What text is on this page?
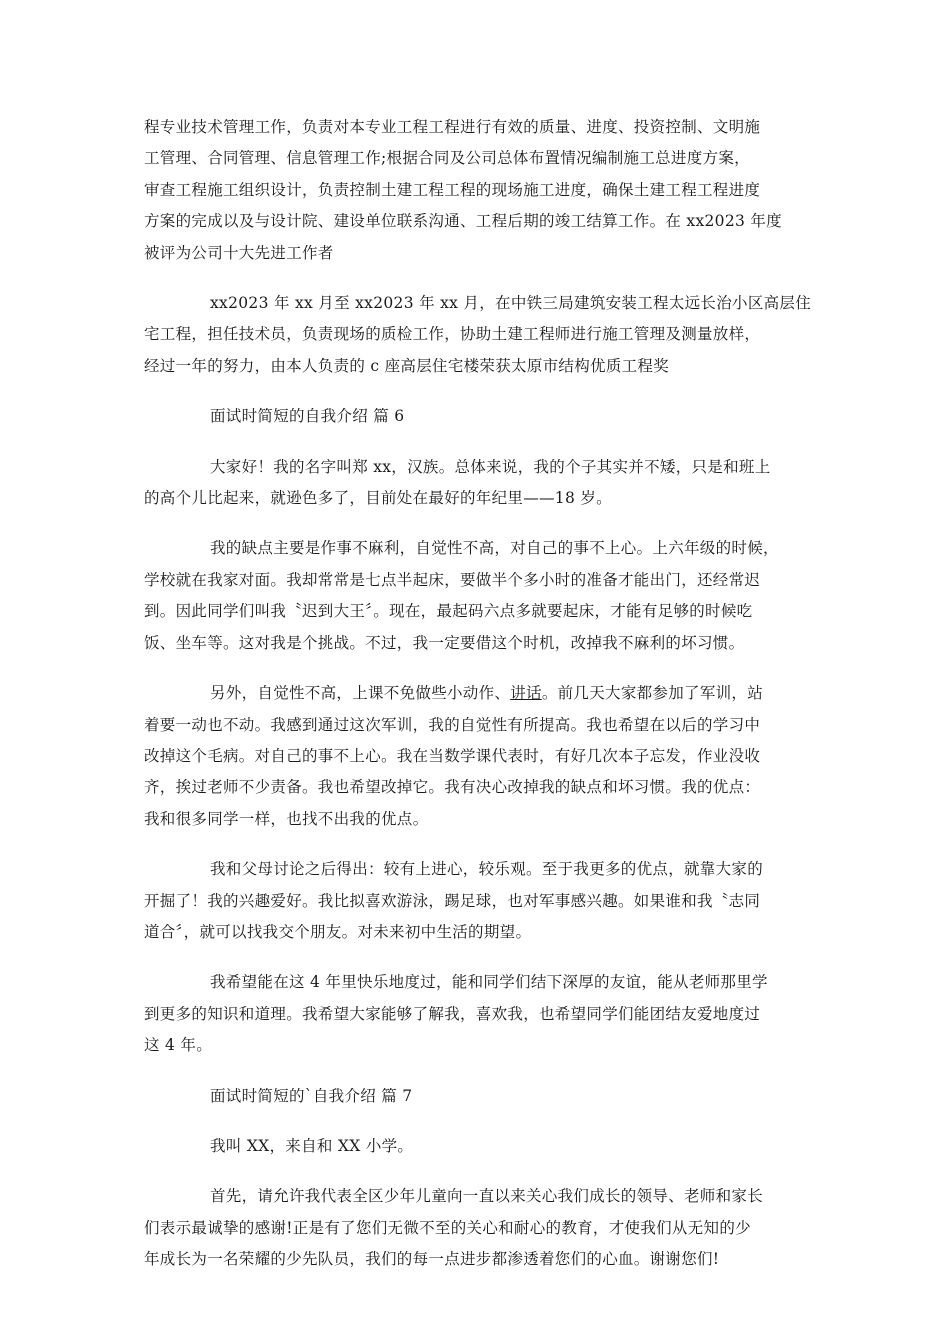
程专业技术管理工作，负责对本专业工程工程进行有效的质量、进度、投资控制、文明施
工管理、合同管理、信息管理工作;根据合同及公司总体布置情况编制施工总进度方案，
审查工程施工组织设计，负责控制土建工程工程的现场施工进度，确保土建工程工程进度
方案的完成以及与设计院、建设单位联系沟通、工程后期的竣工结算工作。在 xx2023 年度
被评为公司十大先进工作者

xx2023 年 xx 月至 xx2023 年 xx 月，在中铁三局建筑安装工程太远长治小区高层住
宅工程，担任技术员，负责现场的质检工作，协助土建工程师进行施工管理及测量放样，
经过一年的努力，由本人负责的 c 座高层住宅楼荣获太原市结构优质工程奖

面试时简短的自我介绍 篇 6

大家好！我的名字叫郑 xx，汉族。总体来说，我的个子其实并不矮，只是和班上
的高个儿比起来，就逊色多了，目前处在最好的年纪里——18 岁。

我的缺点主要是作事不麻利，自觉性不高，对自己的事不上心。上六年级的时候，
学校就在我家对面。我却常常是七点半起床，要做半个多小时的准备才能出门，还经常迟
到。因此同学们叫我〝迟到大王〞。现在，最起码六点多就要起床，才能有足够的时候吃
饭、坐车等。这对我是个挑战。不过，我一定要借这个时机，改掉我不麻利的坏习惯。

另外，自觉性不高，上课不免做些小动作、讲话。前几天大家都参加了军训，站
着要一动也不动。我感到通过这次军训，我的自觉性有所提高。我也希望在以后的学习中
改掉这个毛病。对自己的事不上心。我在当数学课代表时，有好几次本子忘发，作业没收
齐，挨过老师不少责备。我也希望改掉它。我有决心改掉我的缺点和坏习惯。我的优点：
我和很多同学一样，也找不出我的优点。

我和父母讨论之后得出：较有上进心，较乐观。至于我更多的优点，就靠大家的
开掘了！我的兴趣爱好。我比拟喜欢游泳，踢足球，也对军事感兴趣。如果谁和我〝志同
道合〞，就可以找我交个朋友。对未来初中生活的期望。

我希望能在这 4 年里快乐地度过，能和同学们结下深厚的友谊，能从老师那里学
到更多的知识和道理。我希望大家能够了解我，喜欢我，也希望同学们能团结友爱地度过
这 4 年。

面试时简短的`自我介绍 篇 7

我叫 XX，来自和 XX 小学。

首先，请允许我代表全区少年儿童向一直以来关心我们成长的领导、老师和家长
们表示最诚挚的感谢!正是有了您们无微不至的关心和耐心的教育，才使我们从无知的少
年成长为一名荣耀的少先队员，我们的每一点进步都渗透着您们的心血。谢谢您们!
